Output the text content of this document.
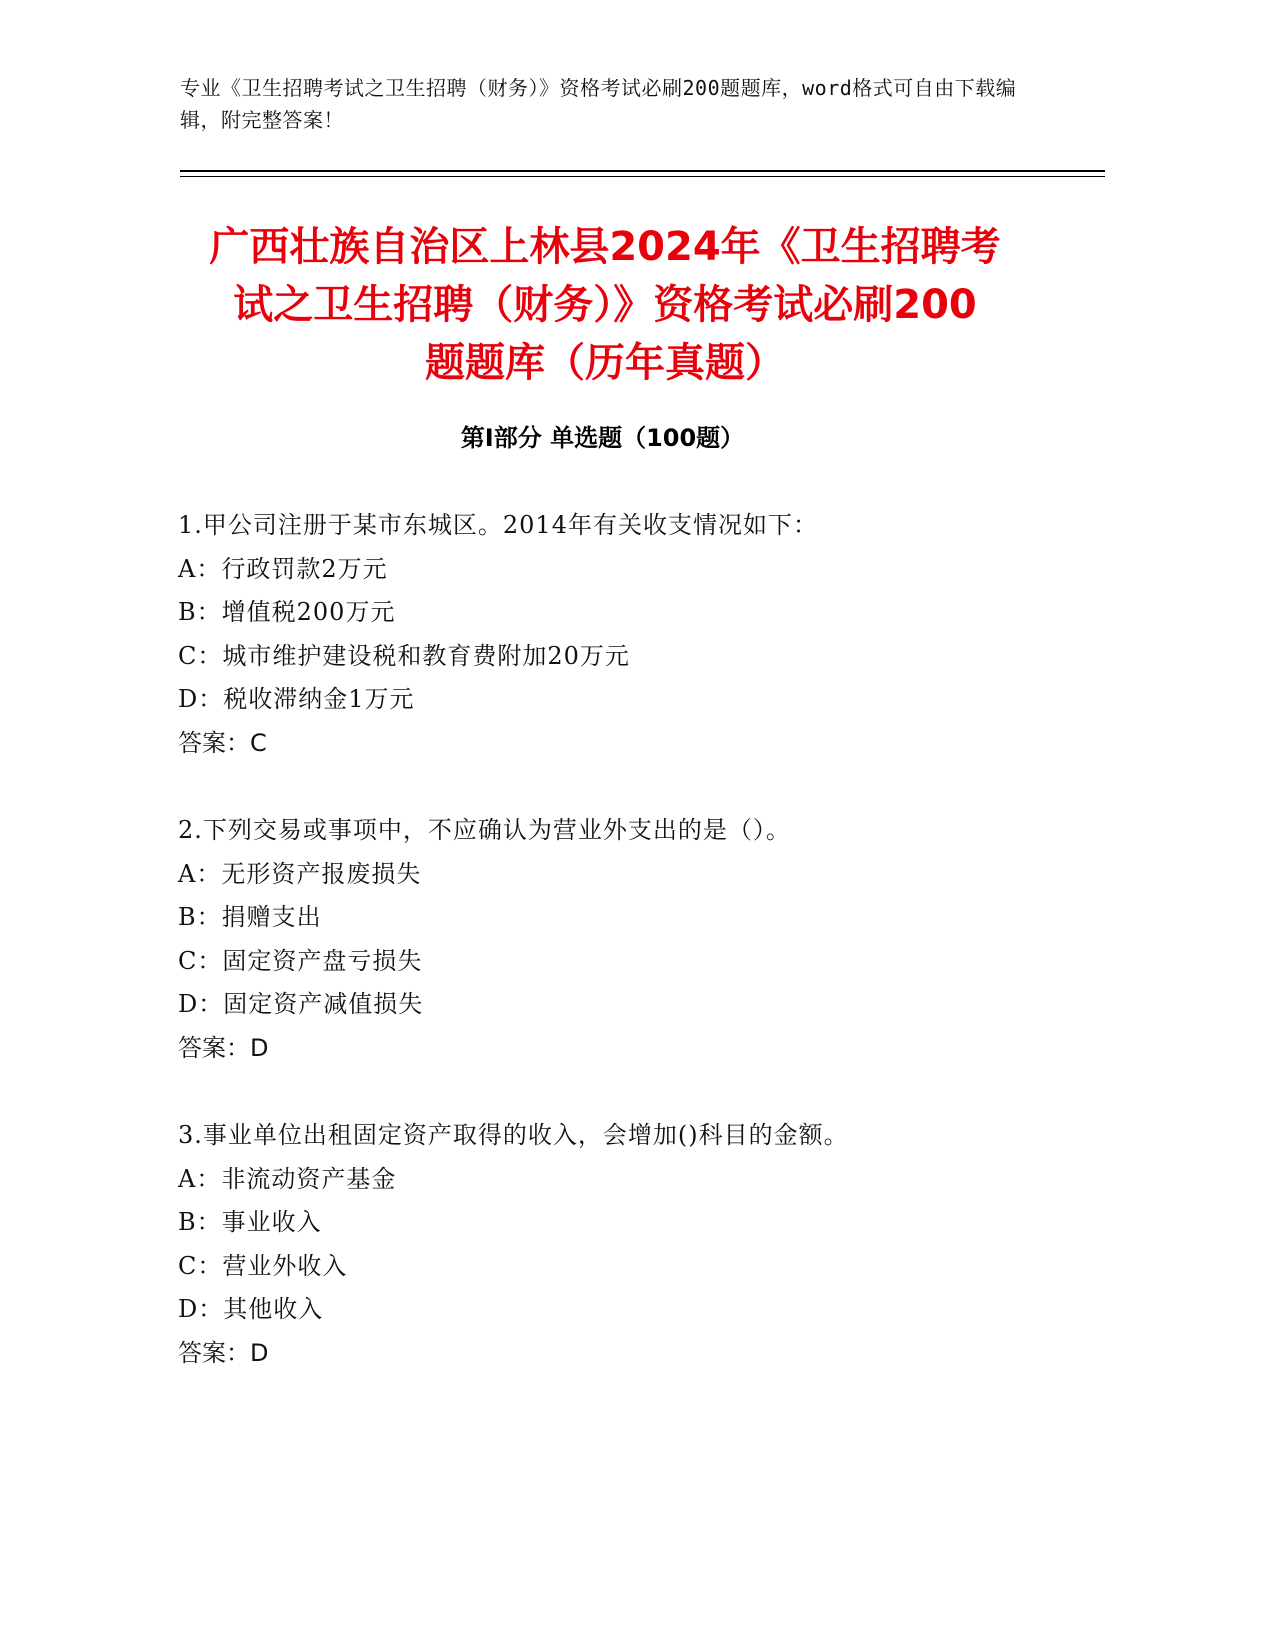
专业《卫生招聘考试之卫生招聘（财务）》资格考试必刷200题题库，word格式可自由下载编辑，附完整答案！
广西壮族自治区上林县2024年《卫生招聘考
试之卫生招聘（财务）》资格考试必刷200
题题库（历年真题）
第Ⅰ部分 单选题（100题）
1.甲公司注册于某市东城区。2014年有关收支情况如下：
A：行政罚款2万元
B：增值税200万元
C：城市维护建设税和教育费附加20万元
D：税收滞纳金1万元
答案：C
2.下列交易或事项中，不应确认为营业外支出的是（）。
A：无形资产报废损失
B：捐赠支出
C：固定资产盘亏损失
D：固定资产减值损失
答案：D
3.事业单位出租固定资产取得的收入，会增加()科目的金额。
A：非流动资产基金
B：事业收入
C：营业外收入
D：其他收入
答案：D
